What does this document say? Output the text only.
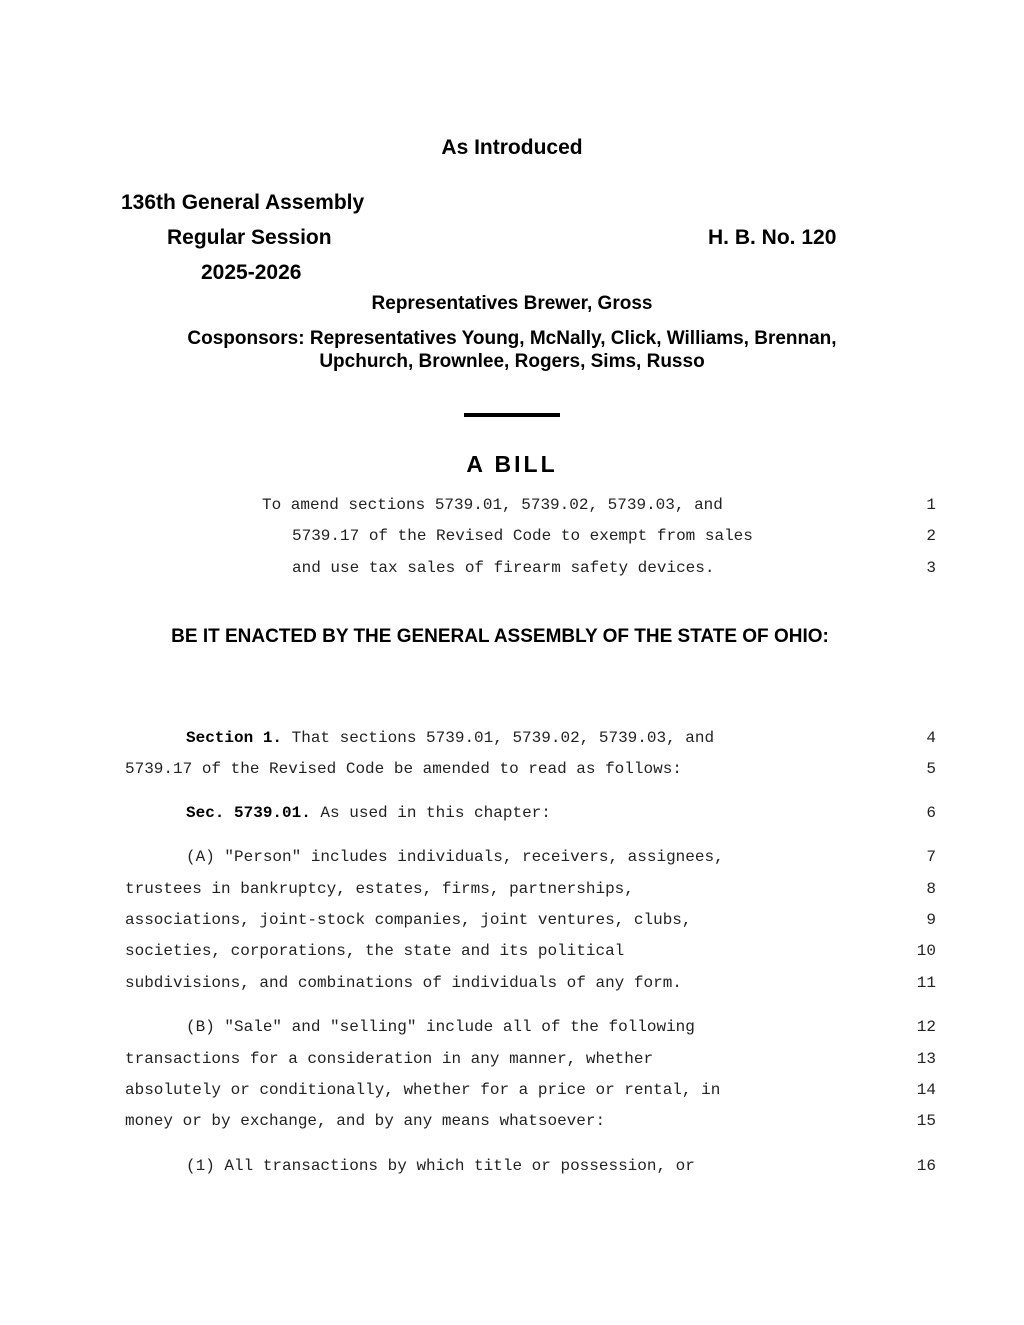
As Introduced
136th General Assembly
Regular Session
2025-2026
H. B. No. 120
Representatives Brewer, Gross
Cosponsors: Representatives Young, McNally, Click, Williams, Brennan,
Upchurch, Brownlee, Rogers, Sims, Russo
A BILL
To amend sections 5739.01, 5739.02, 5739.03, and	1
5739.17 of the Revised Code to exempt from sales	2
and use tax sales of firearm safety devices.	3
BE IT ENACTED BY THE GENERAL ASSEMBLY OF THE STATE OF OHIO:
Section 1. That sections 5739.01, 5739.02, 5739.03, and	4
5739.17 of the Revised Code be amended to read as follows:	5
Sec. 5739.01. As used in this chapter:	6
(A) "Person" includes individuals, receivers, assignees,	7
trustees in bankruptcy, estates, firms, partnerships,	8
associations, joint-stock companies, joint ventures, clubs,	9
societies, corporations, the state and its political	10
subdivisions, and combinations of individuals of any form.	11
(B) "Sale" and "selling" include all of the following	12
transactions for a consideration in any manner, whether	13
absolutely or conditionally, whether for a price or rental, in	14
money or by exchange, and by any means whatsoever:	15
(1) All transactions by which title or possession, or	16
